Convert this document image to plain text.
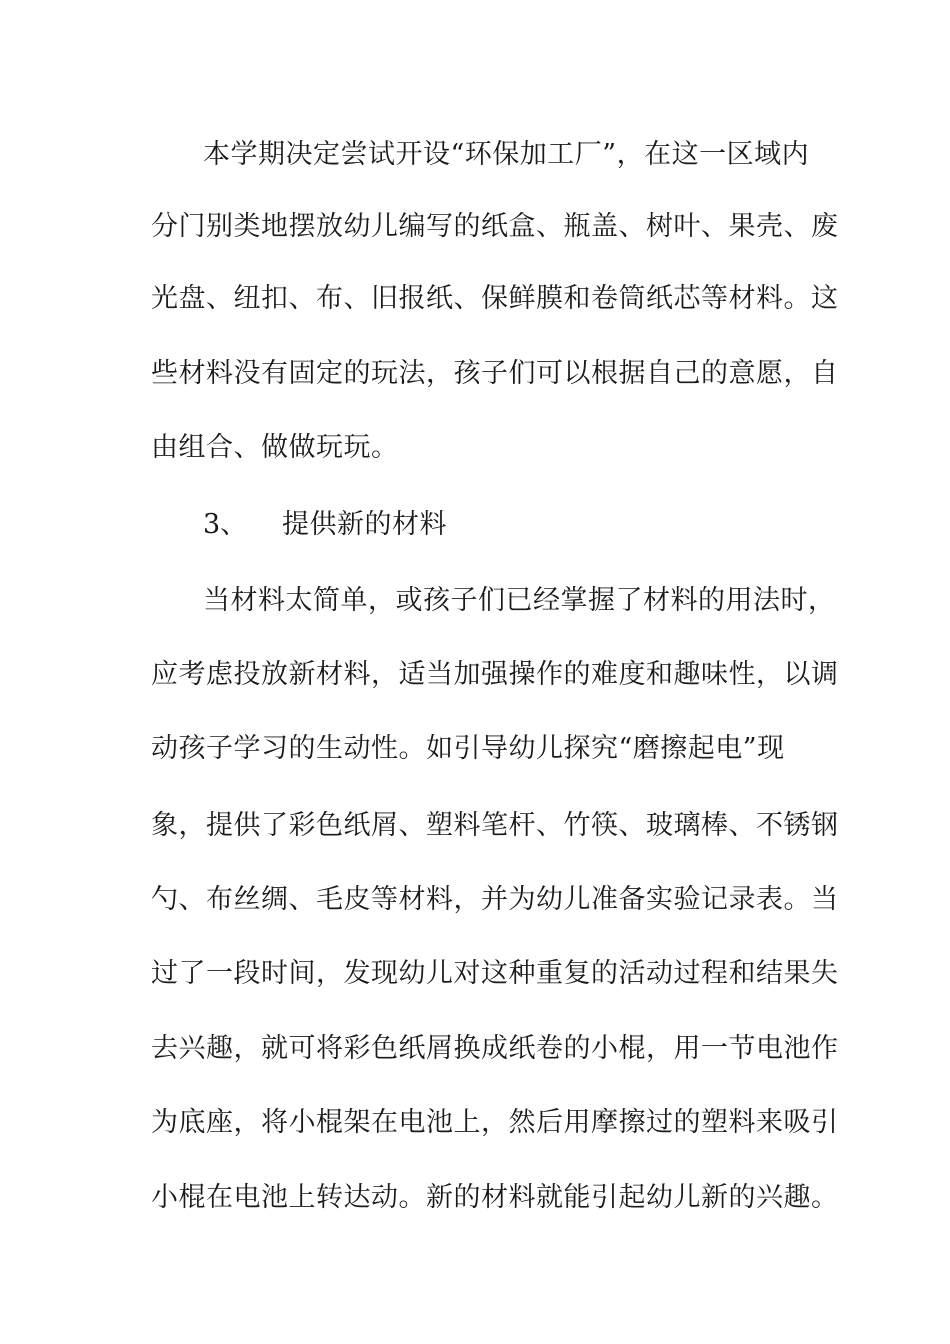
本学期决定尝试开设“环保加工厂”，在这一区域内
分门别类地摆放幼儿编写的纸盒、瓶盖、树叶、果壳、废
光盘、纽扣、布、旧报纸、保鲜膜和卷筒纸芯等材料。这
些材料没有固定的玩法，孩子们可以根据自己的意愿，自
由组合、做做玩玩。
3、 提供新的材料
当材料太简单，或孩子们已经掌握了材料的用法时，
应考虑投放新材料，适当加强操作的难度和趣味性，以调
动孩子学习的生动性。如引导幼儿探究“磨擦起电”现
象，提供了彩色纸屑、塑料笔杆、竹筷、玻璃棒、不锈钢
勺、布丝绸、毛皮等材料，并为幼儿准备实验记录表。当
过了一段时间，发现幼儿对这种重复的活动过程和结果失
去兴趣，就可将彩色纸屑换成纸卷的小棍，用一节电池作
为底座，将小棍架在电池上，然后用摩擦过的塑料来吸引
小棍在电池上转达动。新的材料就能引起幼儿新的兴趣。
